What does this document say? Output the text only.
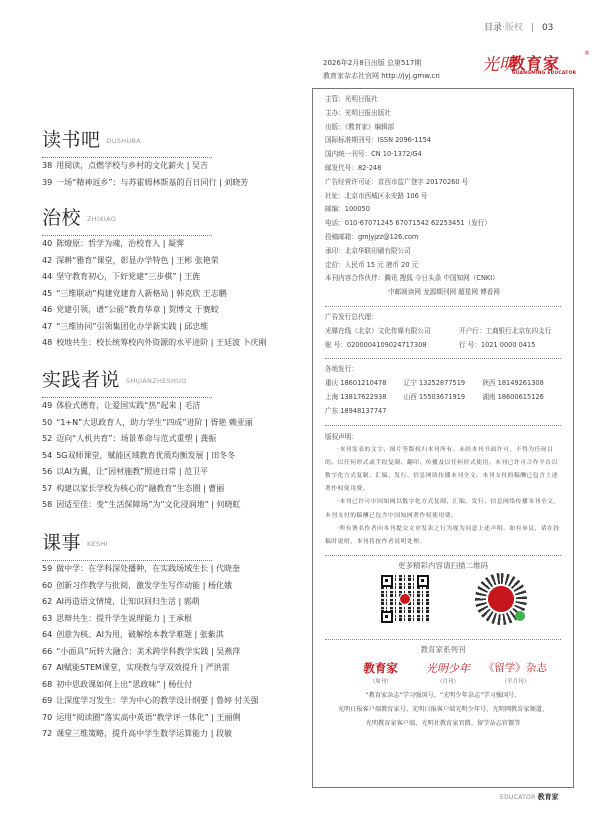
目录·版权 | 03
读书吧 DUSHUBA
38 用阅读，点燃学校与乡村的文化薪火 | 吴吉
39 一场“精神返乡”：与苏霍姆林斯基的百日同行 | 刘晓芳
治校 ZHIXIAO
40 陈燎原：哲学为魂，治校育人 | 凝霁
42 深耕“雅育”课堂，彰显办学特色 | 王彬 张艳荣
44 坚守教育初心，下好党建“三步棋” | 王旌
45 “三维联动”构建党建育人新格局 | 韩克欣 王志鹏
46 党建引领，谱“公能”教育华章 | 贺博文 于赛蛟
47 “三维协同”引领集团化办学新实践 | 邱忠维
48 校地共生：校长统筹校内外资源的水平进阶 | 王廷波 卜庆刚
实践者说 SHIJIANZHESHUO
49 体验式德育，让爱国实践“热”起来 | 毛洁
50 “1+N”大思政育人，助力学生“四成”进阶 | 胥艳 赖亚丽
52 迈向“人机共育”：场景革命与范式重塑 | 龚振
54 5G双师课堂，赋能区域教育优质均衡发展 | 田冬冬
56 以AI为翼，让“因材施教”照进日常 | 范卫平
57 构建以家长学校为核心的“融教育”生态圈 | 曹丽
58 因适至佳：变“生活保障场”为“文化浸润地” | 何晓虹
课事 KESHI
59 做中学：在学科深处播种，在实践场域生长 | 代晓奎
60 创新习作教学与批阅，激发学生写作动能 | 杨化娥
62 AI再造语文情境，让知识回归生活 | 郭萌
63 思辩共生：提升学生说理能力 | 王承根
64 创意为核、AI为用，破解绘本教学难题 | 张紫淇
66 “小面具”玩转大融合：美术跨学科教学实践 | 吴燕萍
67 AI赋能STEM课堂，实现教与学双效提升 | 严洪雷
68 初中思政课如何上出“思政味” | 杨仕付
69 让深度学习发生：学为中心的教学设计纲要 | 鲁婷 付关强
70 运用“阅读圈”落实高中英语“教学评一体化” | 王丽俐
72 课堂三维策略，提升高中学生数学运算能力 | 段敏
2026年2月8日出版 总第517期
教育家杂志社官网 http://jyj.gmw.cn
光明
教育家
®
GUANGMING EDUCATOR
主管：光明日报社
主办：光明日报出版社
出版：《教育家》编辑部
国际标准期刊号：ISSN 2096-1154
国内统一刊号：CN 10-1372/G4
邮发代号：82-248
广告经营许可证：京西市监广登字 20170260 号
社址：北京市西城区永安路 106 号
邮编：100050
电话：010-67071245 67071542 62253451（发行）
投稿邮箱：gmjyjzz@126.com
承印：北京华联印刷有限公司
定价：人民币 15 元 港币 20 元
本刊内容合作伙伴：腾讯 搜狐 今日头条 中国知网（CNKI）
中邮阅读网 龙源期刊网 超星网 博看网
广告发行总代理：
光媒在线（北京）文化传媒有限公司	开户行：工商银行北京东四支行
账 号：0200004109024717308	行 号：1021 0000 0415
各地发行：
重庆 18601210478	辽宁 13252877519	陕西 18149261308
上海 13817622938	山西 15503671919	湖南 18600615126
广东 18948137747
版权声明：
·本刊发表的文字、图片等版权归本刊所有。未经本刊书面许可，不得为任何目的、以任何形式或手段复制、翻印、传播及以任何形式使用。本刊已许可合作平台以数字化方式复制、汇编、发行、信息网络传播本刊全文。本刊支付的稿酬已包含上述著作权使用费。
·本刊已许可中国知网以数字化方式复制、汇编、发行、信息网络传播本刊全文。本刊支付的稿酬已包含中国知网著作权使用费。
·所有署名作者向本刊提交文章发表之行为视为同意上述声明。如有异议，请在投稿时说明，本刊将按作者说明处理。
更多精彩内容请扫描二维码
教育家系列刊
教育家
（周刊）
光明少年
（月刊）
《留学》杂志
（半月刊）
“教育家杂志”学习强国号、“光明少年杂志”学习强国号、
光明日报客户端教育家号、光明日报客户端光明少年号、光明网教育家频道、
光明教育家客户端、光明社教育家官微、留学杂志官微等
EDUCATOR 教育家
